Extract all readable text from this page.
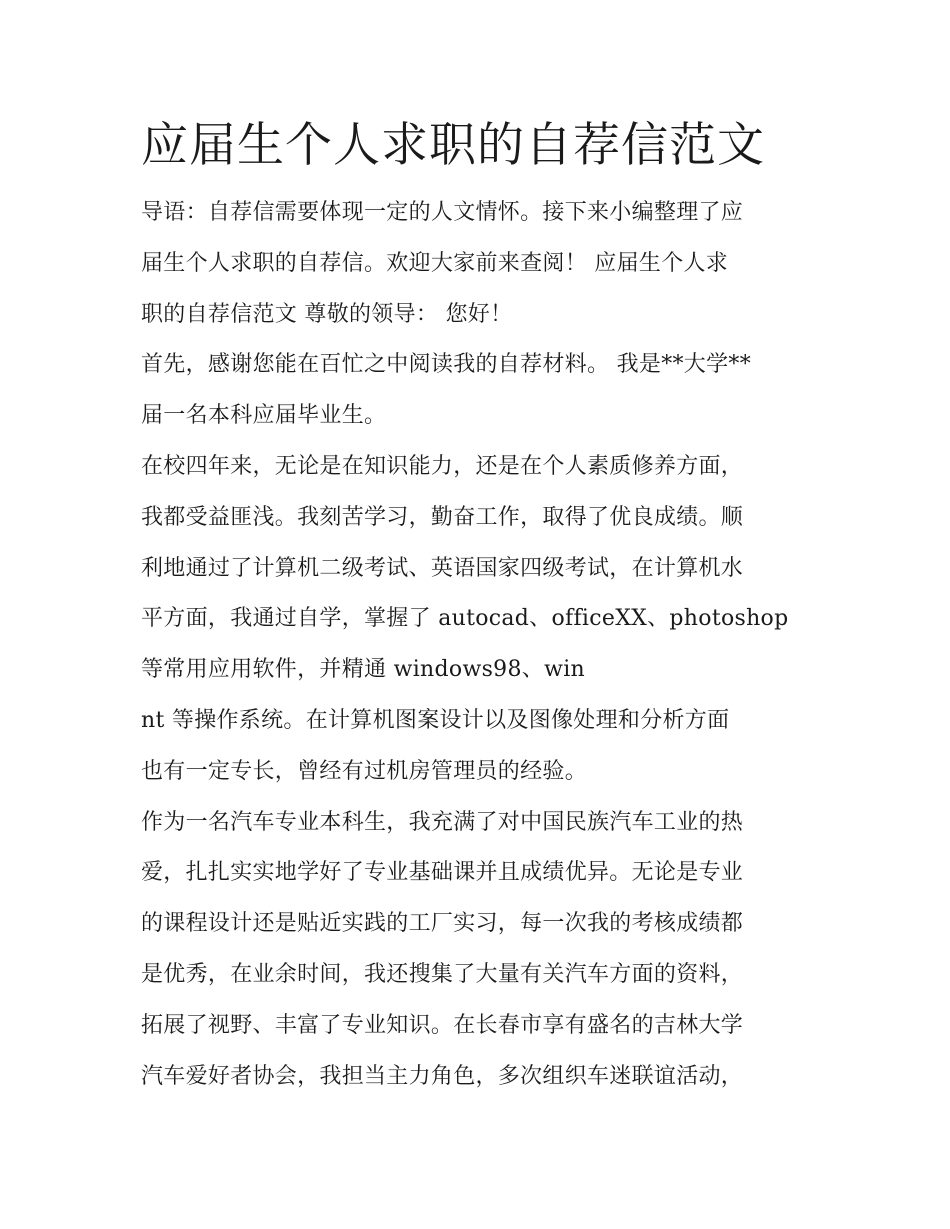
应届生个人求职的自荐信范文
导语：自荐信需要体现一定的人文情怀。接下来小编整理了应
届生个人求职的自荐信。欢迎大家前来查阅！ 应届生个人求
职的自荐信范文 尊敬的领导： 您好！
首先，感谢您能在百忙之中阅读我的自荐材料。 我是**大学**
届一名本科应届毕业生。
在校四年来，无论是在知识能力，还是在个人素质修养方面，
我都受益匪浅。我刻苦学习，勤奋工作，取得了优良成绩。顺
利地通过了计算机二级考试、英语国家四级考试，在计算机水
平方面，我通过自学，掌握了 autocad、officeXX、photoshop
等常用应用软件，并精通 windows98、win
nt 等操作系统。在计算机图案设计以及图像处理和分析方面
也有一定专长，曾经有过机房管理员的经验。
作为一名汽车专业本科生，我充满了对中国民族汽车工业的热
爱，扎扎实实地学好了专业基础课并且成绩优异。无论是专业
的课程设计还是贴近实践的工厂实习，每一次我的考核成绩都
是优秀，在业余时间，我还搜集了大量有关汽车方面的资料，
拓展了视野、丰富了专业知识。在长春市享有盛名的吉林大学
汽车爱好者协会，我担当主力角色，多次组织车迷联谊活动，
